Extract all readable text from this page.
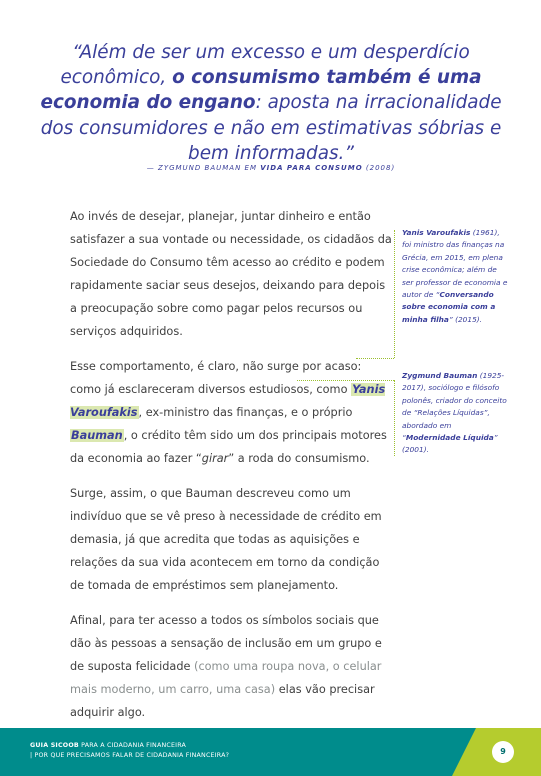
“Além de ser um excesso e um desperdício econômico, o consumismo também é uma economia do engano: aposta na irracionalidade dos consumidores e não em estimativas sóbrias e bem informadas.”
— ZYGMUND BAUMAN EM VIDA PARA CONSUMO (2008)

Ao invés de desejar, planejar, juntar dinheiro e então satisfazer a sua vontade ou necessidade, os cidadãos da Sociedade do Consumo têm acesso ao crédito e podem rapidamente saciar seus desejos, deixando para depois a preocupação sobre como pagar pelos recursos ou serviços adquiridos.

Esse comportamento, é claro, não surge por acaso: como já esclareceram diversos estudiosos, como Yanis Varoufakis, ex-ministro das finanças, e o próprio Bauman, o crédito têm sido um dos principais motores da economia ao fazer “girar” a roda do consumismo.

Surge, assim, o que Bauman descreveu como um indivíduo que se vê preso à necessidade de crédito em demasia, já que acredita que todas as aquisições e relações da sua vida acontecem em torno da condição de tomada de empréstimos sem planejamento.

Afinal, para ter acesso a todos os símbolos sociais que dão às pessoas a sensação de inclusão em um grupo e de suposta felicidade (como uma roupa nova, o celular mais moderno, um carro, uma casa) elas vão precisar adquirir algo.

Yanis Varoufakis (1961), foi ministro das finanças na Grécia, em 2015, em plena crise econômica; além de ser professor de economia e autor de “Conversando sobre economia com a minha filha” (2015).
Zygmund Bauman (1925-2017), sociólogo e filósofo polonês, criador do conceito de “Relações Líquidas”, abordado em “Modernidade Líquida” (2001).
GUIA SICOOB PARA A CIDADANIA FINANCEIRA
| POR QUE PRECISAMOS FALAR DE CIDADANIA FINANCEIRA?	9
